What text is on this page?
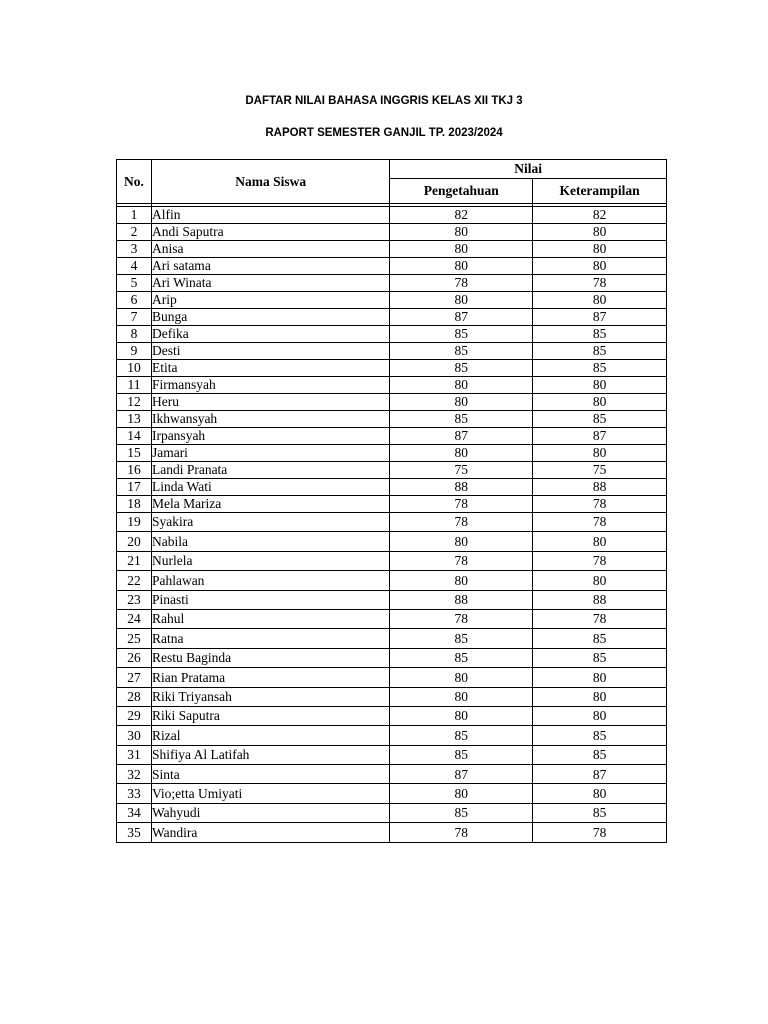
DAFTAR NILAI BAHASA INGGRIS KELAS XII TKJ 3
RAPORT SEMESTER GANJIL TP. 2023/2024
No.	Nama Siswa	Nilai	
		Pengetahuan	Keterampilan

1	Alfin	82	82
2	Andi Saputra	80	80
3	Anisa	80	80
4	Ari satama	80	80
5	Ari Winata	78	78
6	Arip	80	80
7	Bunga	87	87
8	Defika	85	85
9	Desti	85	85
10	Etita	85	85
11	Firmansyah	80	80
12	Heru	80	80
13	Ikhwansyah	85	85
14	Irpansyah	87	87
15	Jamari	80	80
16	Landi Pranata	75	75
17	Linda Wati	88	88
18	Mela Mariza	78	78
19	Syakira	78	78
20	Nabila	80	80
21	Nurlela	78	78
22	Pahlawan	80	80
23	Pinasti	88	88
24	Rahul	78	78
25	Ratna	85	85
26	Restu Baginda	85	85
27	Rian Pratama	80	80
28	Riki Triyansah	80	80
29	Riki Saputra	80	80
30	Rizal	85	85
31	Shifiya Al Latifah	85	85
32	Sinta	87	87
33	Vio;etta Umiyati	80	80
34	Wahyudi	85	85
35	Wandira	78	78
